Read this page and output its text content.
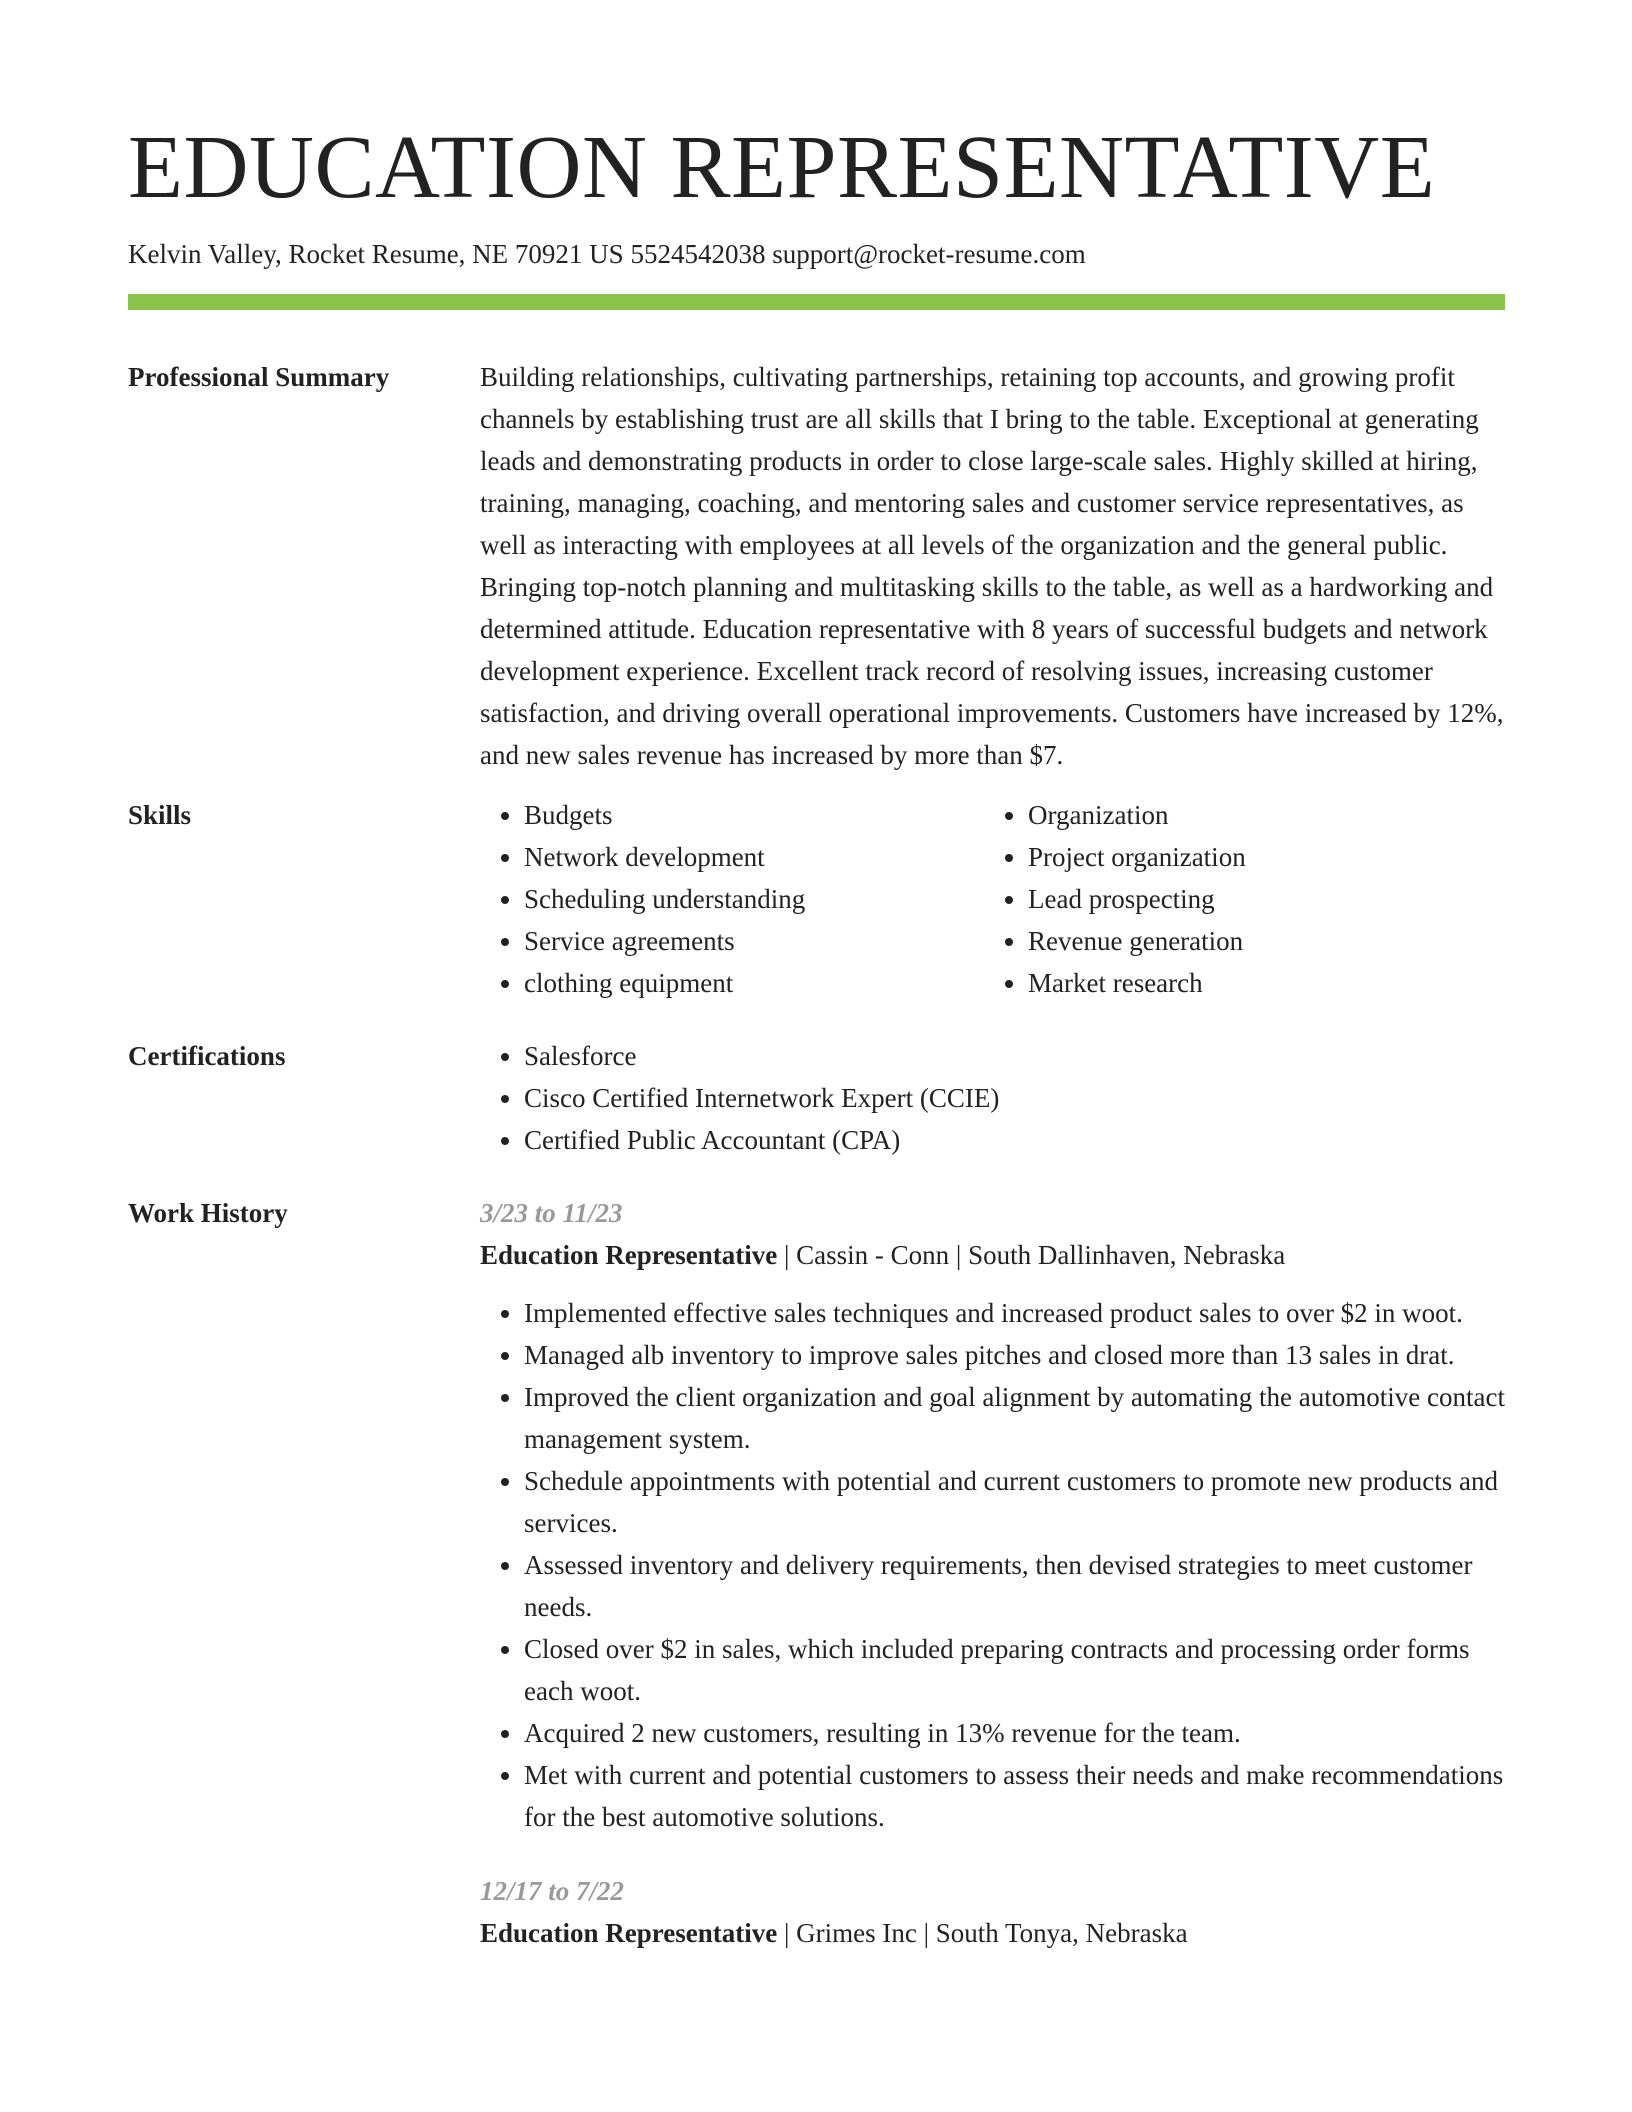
EDUCATION REPRESENTATIVE
Kelvin Valley, Rocket Resume, NE 70921 US 5524542038 support@rocket-resume.com
Professional Summary	Building relationships, cultivating partnerships, retaining top accounts, and growing profit channels by establishing trust are all skills that I bring to the table. Exceptional at generating leads and demonstrating products in order to close large-scale sales. Highly skilled at hiring, training, managing, coaching, and mentoring sales and customer service representatives, as well as interacting with employees at all levels of the organization and the general public. Bringing top-notch planning and multitasking skills to the table, as well as a hardworking and determined attitude. Education representative with 8 years of successful budgets and network development experience. Excellent track record of resolving issues, increasing customer satisfaction, and driving overall operational improvements. Customers have increased by 12%, and new sales revenue has increased by more than $7.
Skills	• Budgets
• Network development
• Scheduling understanding
• Service agreements
• clothing equipment
• Organization
• Project organization
• Lead prospecting
• Revenue generation
• Market research
Certifications	• Salesforce
• Cisco Certified Internetwork Expert (CCIE)
• Certified Public Accountant (CPA)
Work History	3/23 to 11/23
Education Representative | Cassin - Conn | South Dallinhaven, Nebraska
• Implemented effective sales techniques and increased product sales to over $2 in woot.
• Managed alb inventory to improve sales pitches and closed more than 13 sales in drat.
• Improved the client organization and goal alignment by automating the automotive contact management system.
• Schedule appointments with potential and current customers to promote new products and services.
• Assessed inventory and delivery requirements, then devised strategies to meet customer needs.
• Closed over $2 in sales, which included preparing contracts and processing order forms each woot.
• Acquired 2 new customers, resulting in 13% revenue for the team.
• Met with current and potential customers to assess their needs and make recommendations for the best automotive solutions.
12/17 to 7/22
Education Representative | Grimes Inc | South Tonya, Nebraska
